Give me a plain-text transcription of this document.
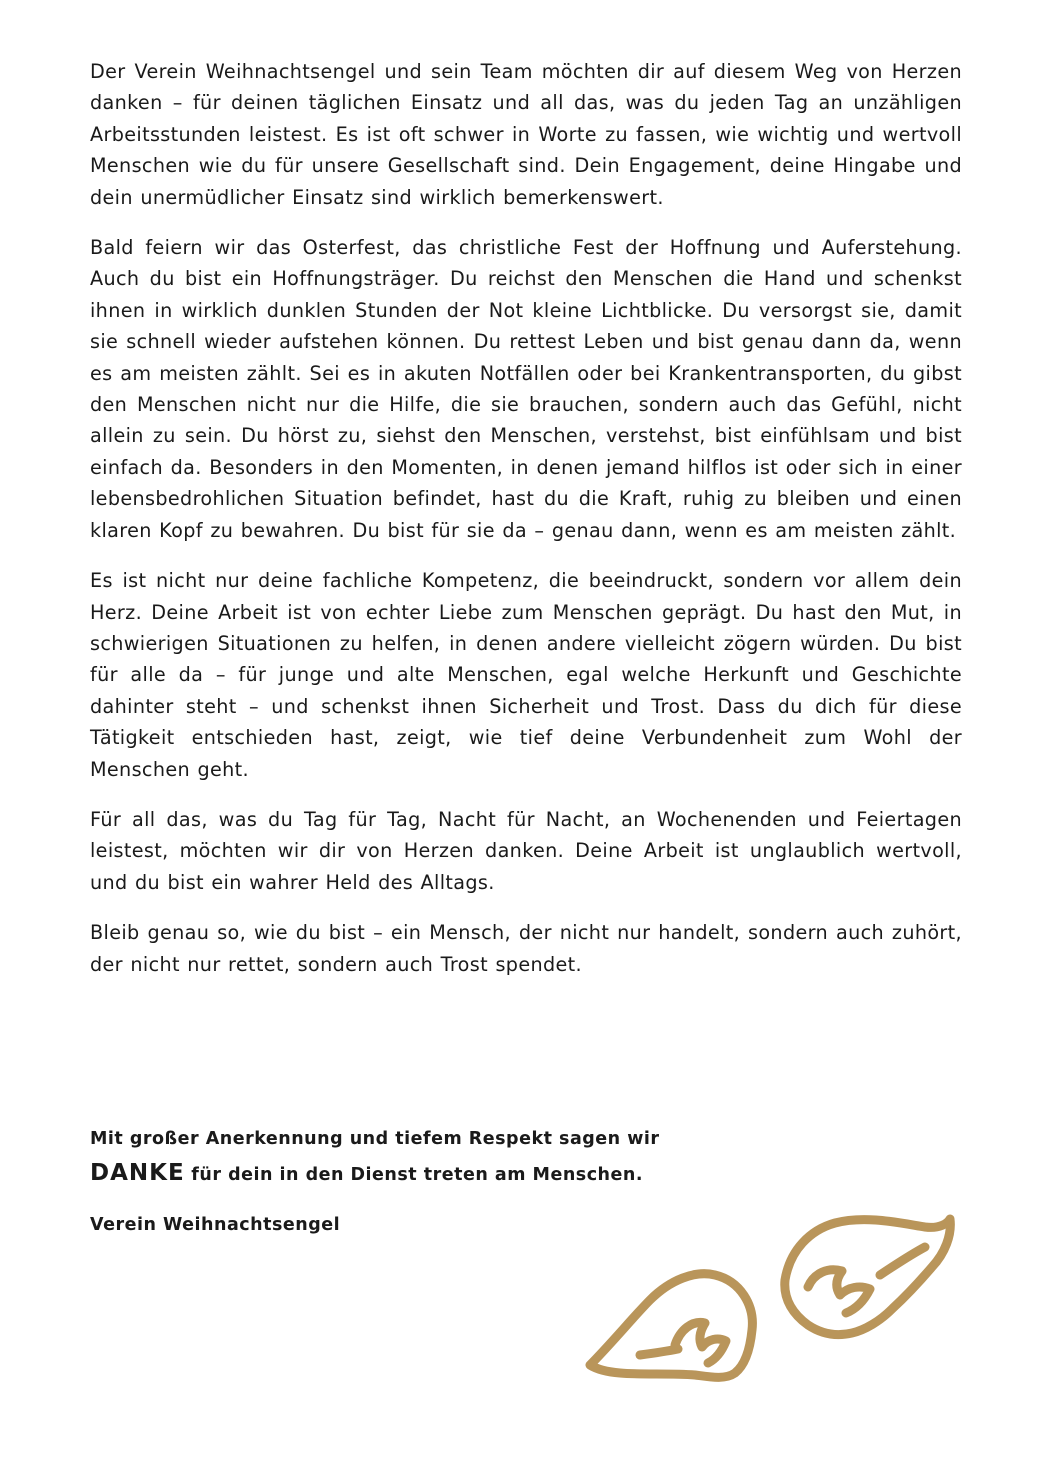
Der Verein Weihnachtsengel und sein Team möchten dir auf diesem Weg von Herzen danken – für deinen täglichen Einsatz und all das, was du jeden Tag an unzähligen Arbeitsstunden leistest. Es ist oft schwer in Worte zu fassen, wie wichtig und wertvoll Menschen wie du für unsere Gesellschaft sind. Dein Engagement, deine Hingabe und dein unermüdlicher Einsatz sind wirklich bemerkenswert.

Bald feiern wir das Osterfest, das christliche Fest der Hoffnung und Auferstehung. Auch du bist ein Hoffnungsträger. Du reichst den Menschen die Hand und schenkst ihnen in wirklich dunklen Stunden der Not kleine Lichtblicke. Du versorgst sie, damit sie schnell wieder aufstehen können. Du rettest Leben und bist genau dann da, wenn es am meisten zählt. Sei es in akuten Notfällen oder bei Krankentransporten, du gibst den Menschen nicht nur die Hilfe, die sie brauchen, sondern auch das Gefühl, nicht allein zu sein. Du hörst zu, siehst den Menschen, verstehst, bist einfühlsam und bist einfach da. Besonders in den Momenten, in denen jemand hilflos ist oder sich in einer lebensbedrohlichen Situation befindet, hast du die Kraft, ruhig zu bleiben und einen klaren Kopf zu bewahren. Du bist für sie da – genau dann, wenn es am meisten zählt.

Es ist nicht nur deine fachliche Kompetenz, die beeindruckt, sondern vor allem dein Herz. Deine Arbeit ist von echter Liebe zum Menschen geprägt. Du hast den Mut, in schwierigen Situationen zu helfen, in denen andere vielleicht zögern würden. Du bist für alle da – für junge und alte Menschen, egal welche Herkunft und Geschichte dahinter steht – und schenkst ihnen Sicherheit und Trost. Dass du dich für diese Tätigkeit entschieden hast, zeigt, wie tief deine Verbundenheit zum Wohl der Menschen geht.

Für all das, was du Tag für Tag, Nacht für Nacht, an Wochenenden und Feiertagen leistest, möchten wir dir von Herzen danken. Deine Arbeit ist unglaublich wertvoll, und du bist ein wahrer Held des Alltags.

Bleib genau so, wie du bist – ein Mensch, der nicht nur handelt, sondern auch zuhört, der nicht nur rettet, sondern auch Trost spendet.

Mit großer Anerkennung und tiefem Respekt sagen wir

DANKE für dein in den Dienst treten am Menschen.

Verein Weihnachtsengel
